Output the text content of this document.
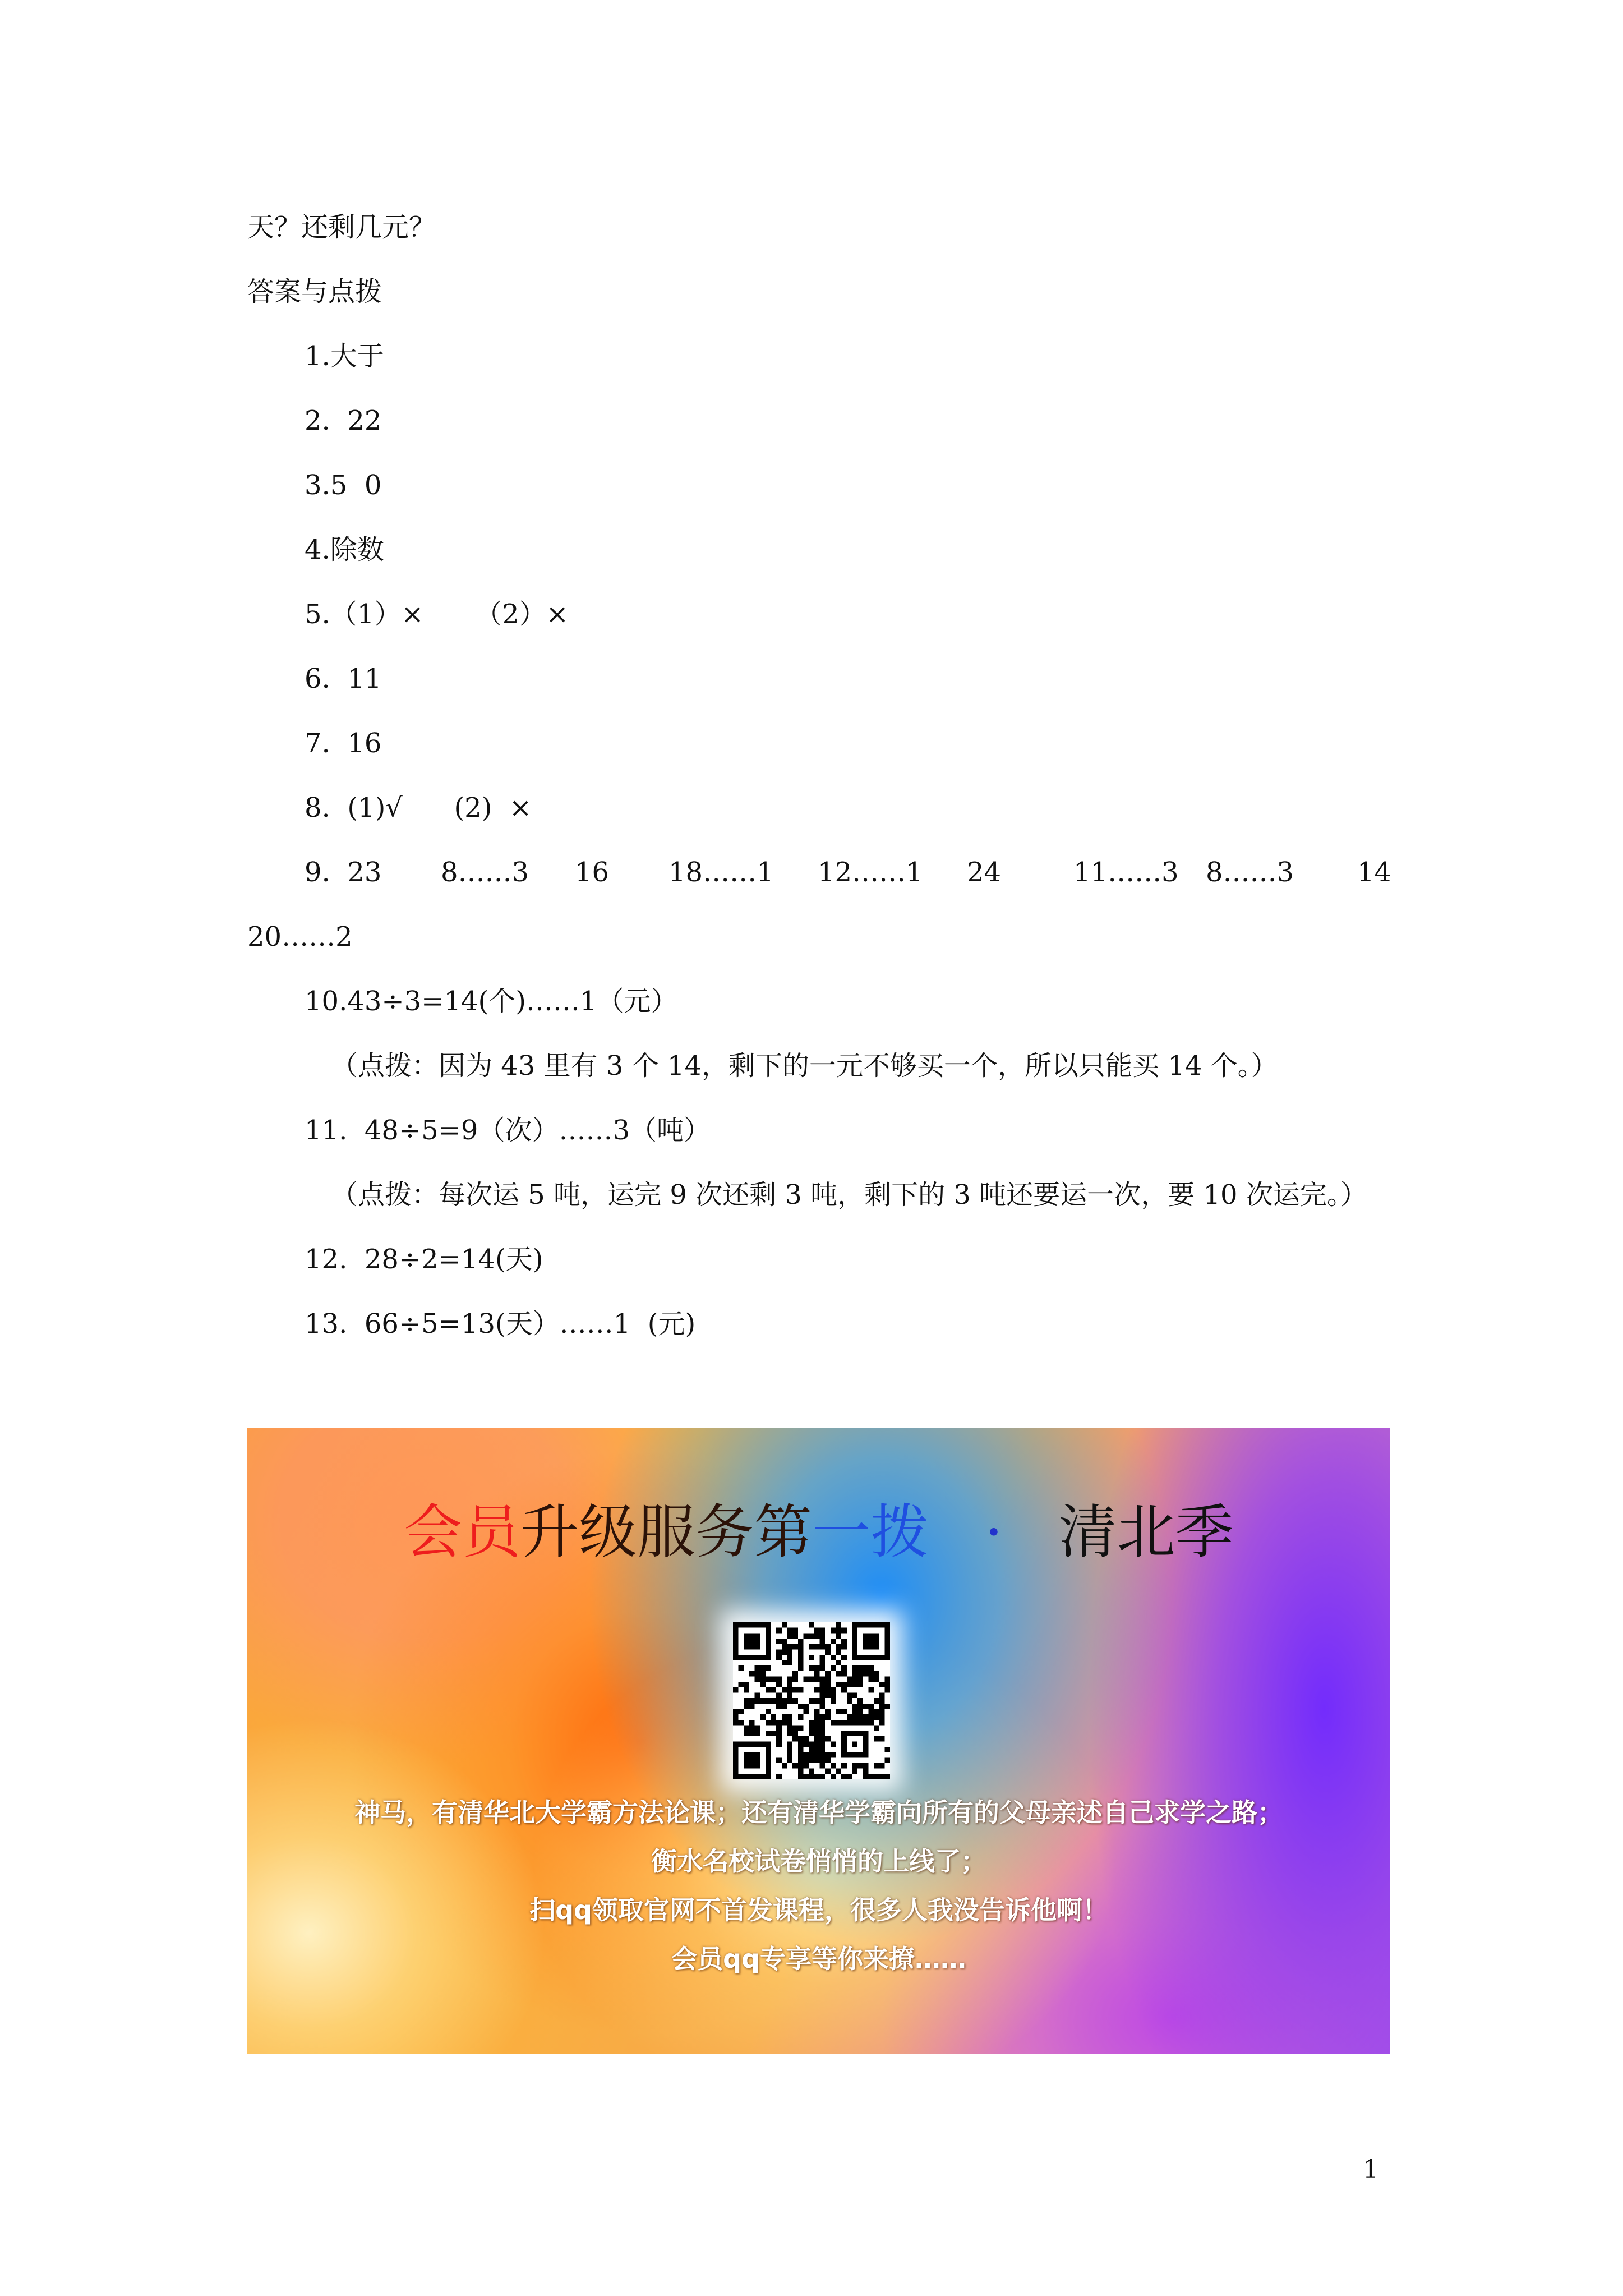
天？还剩几元？
答案与点拨
1.大于
2.  22
3.5  0
4.除数
5.（1）×      （2）×
6.  11
7.  16
8.  (1)√      (2)  ×
9.  23 8……3 16 18……1 12……1 24	11……3 8……3 14
20……2
10.43÷3=14(个)……1（元）
（点拨：因为 43 里有 3 个 14，剩下的一元不够买一个，所以只能买 14 个。）
11.  48÷5=9（次）……3（吨）
（点拨：每次运 5 吨，运完 9 次还剩 3 吨，剩下的 3 吨还要运一次，要 10 次运完。）
12.  28÷2=14(天)
13.  66÷5=13(天）……1  (元)
会员升级服务第一拨 · 清北季
神马，有清华北大学霸方法论课；还有清华学霸向所有的父母亲述自己求学之路；
衡水名校试卷悄悄的上线了；
扫qq领取官网不首发课程，很多人我没告诉他啊！
会员qq专享等你来撩……
1
